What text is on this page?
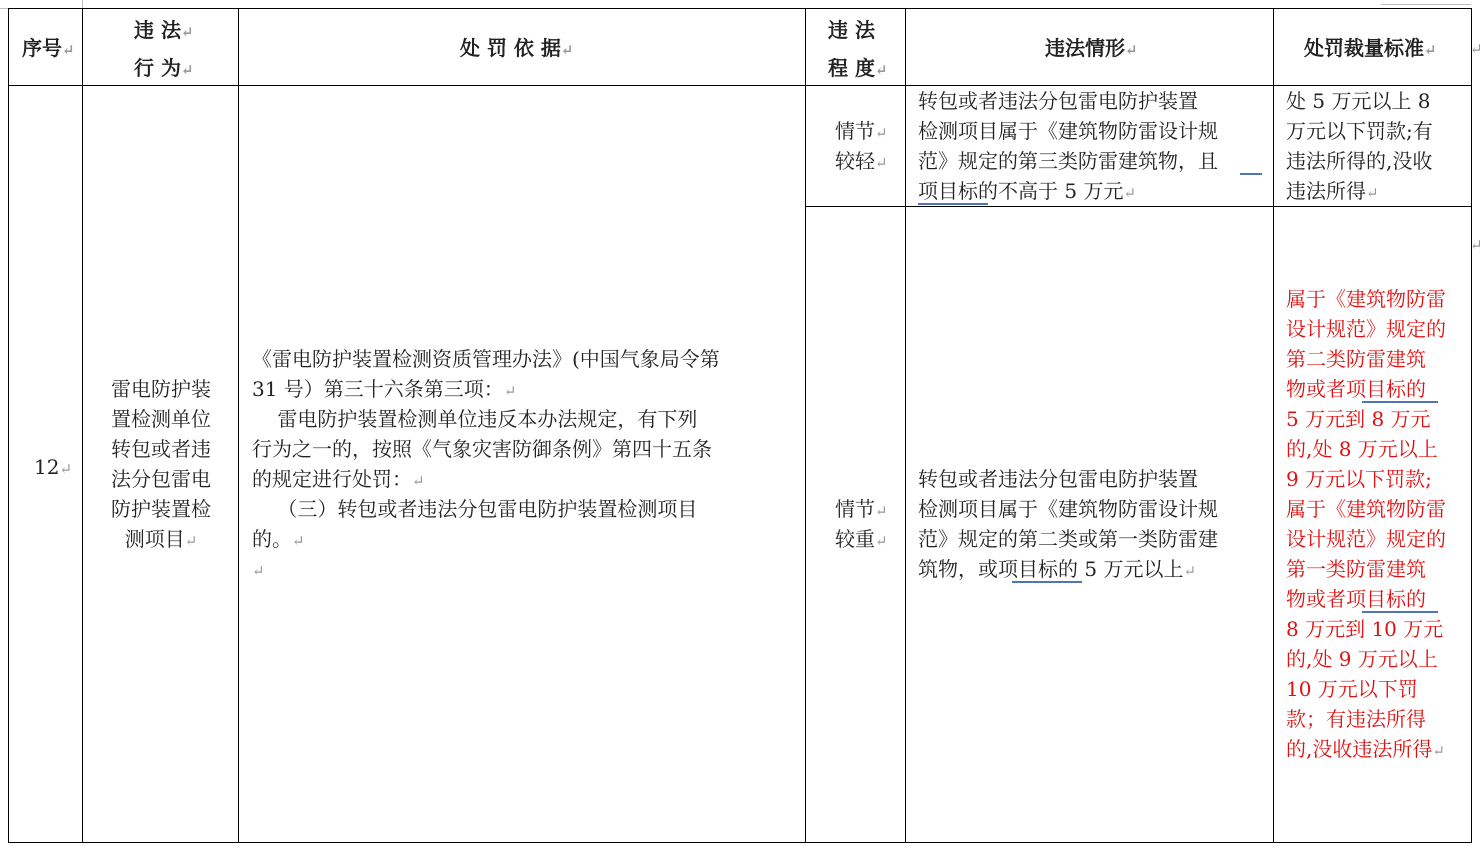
序号↵
违 法↵
行 为↵
处 罚 依 据↵
违 法
程 度↵
违法情形↵	处罚裁量标准↵ ↵
12↵
雷电防护装
置检测单位
转包或者违
法分包雷电
防护装置检
测项目↵
《雷电防护装置检测资质管理办法》(中国气象局令第
31 号）第三十六条第三项：↵
雷电防护装置检测单位违反本办法规定，有下列
行为之一的，按照《气象灾害防御条例》第四十五条
的规定进行处罚：↵
（三）转包或者违法分包雷电防护装置检测项目
的。↵
↵
情节↵
较轻↵
转包或者违法分包雷电防护装置
检测项目属于《建筑物防雷设计规
范》规定的第三类防雷建筑物，且
项目标的不高于 5 万元↵
处 5 万元以上 8
万元以下罚款;有
违法所得的,没收
违法所得↵
↵
情节↵
较重↵
转包或者违法分包雷电防护装置
检测项目属于《建筑物防雷设计规
范》规定的第二类或第一类防雷建
筑物，或项目标的 5 万元以上↵
属于《建筑物防雷
设计规范》规定的
第二类防雷建筑
物或者项目标的
5 万元到 8 万元
的,处 8 万元以上
9 万元以下罚款;
属于《建筑物防雷
设计规范》规定的
第一类防雷建筑
物或者项目标的
8 万元到 10 万元
的,处 9 万元以上
10 万元以下罚
款；有违法所得
的,没收违法所得↵
